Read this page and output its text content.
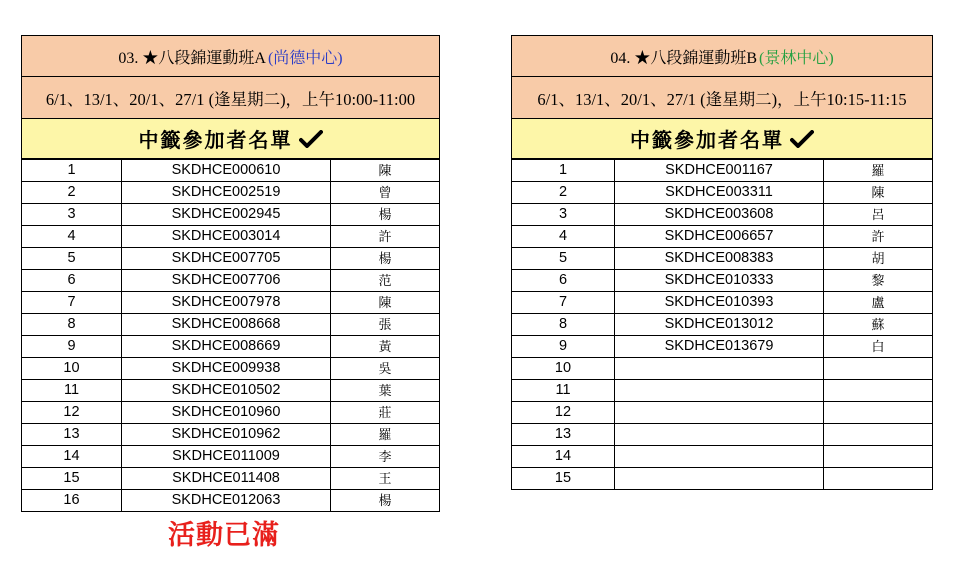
03. ★八段錦運動班A (尚德中心)
6/1、13/1、20/1、27/1 (逢星期二)，上午10:00-11:00
中籤參加者名單
1	SKDHCE000610	陳
2	SKDHCE002519	曾
3	SKDHCE002945	楊
4	SKDHCE003014	許
5	SKDHCE007705	楊
6	SKDHCE007706	范
7	SKDHCE007978	陳
8	SKDHCE008668	張
9	SKDHCE008669	黃
10	SKDHCE009938	吳
11	SKDHCE010502	葉
12	SKDHCE010960	莊
13	SKDHCE010962	羅
14	SKDHCE011009	李
15	SKDHCE011408	王
16	SKDHCE012063	楊
04. ★八段錦運動班B (景林中心)
6/1、13/1、20/1、27/1 (逢星期二)，上午10:15-11:15
中籤參加者名單
1	SKDHCE001167	羅
2	SKDHCE003311	陳
3	SKDHCE003608	呂
4	SKDHCE006657	許
5	SKDHCE008383	胡
6	SKDHCE010333	黎
7	SKDHCE010393	盧
8	SKDHCE013012	蘇
9	SKDHCE013679	白
10		
11		
12		
13		
14		
15		
活動已滿
